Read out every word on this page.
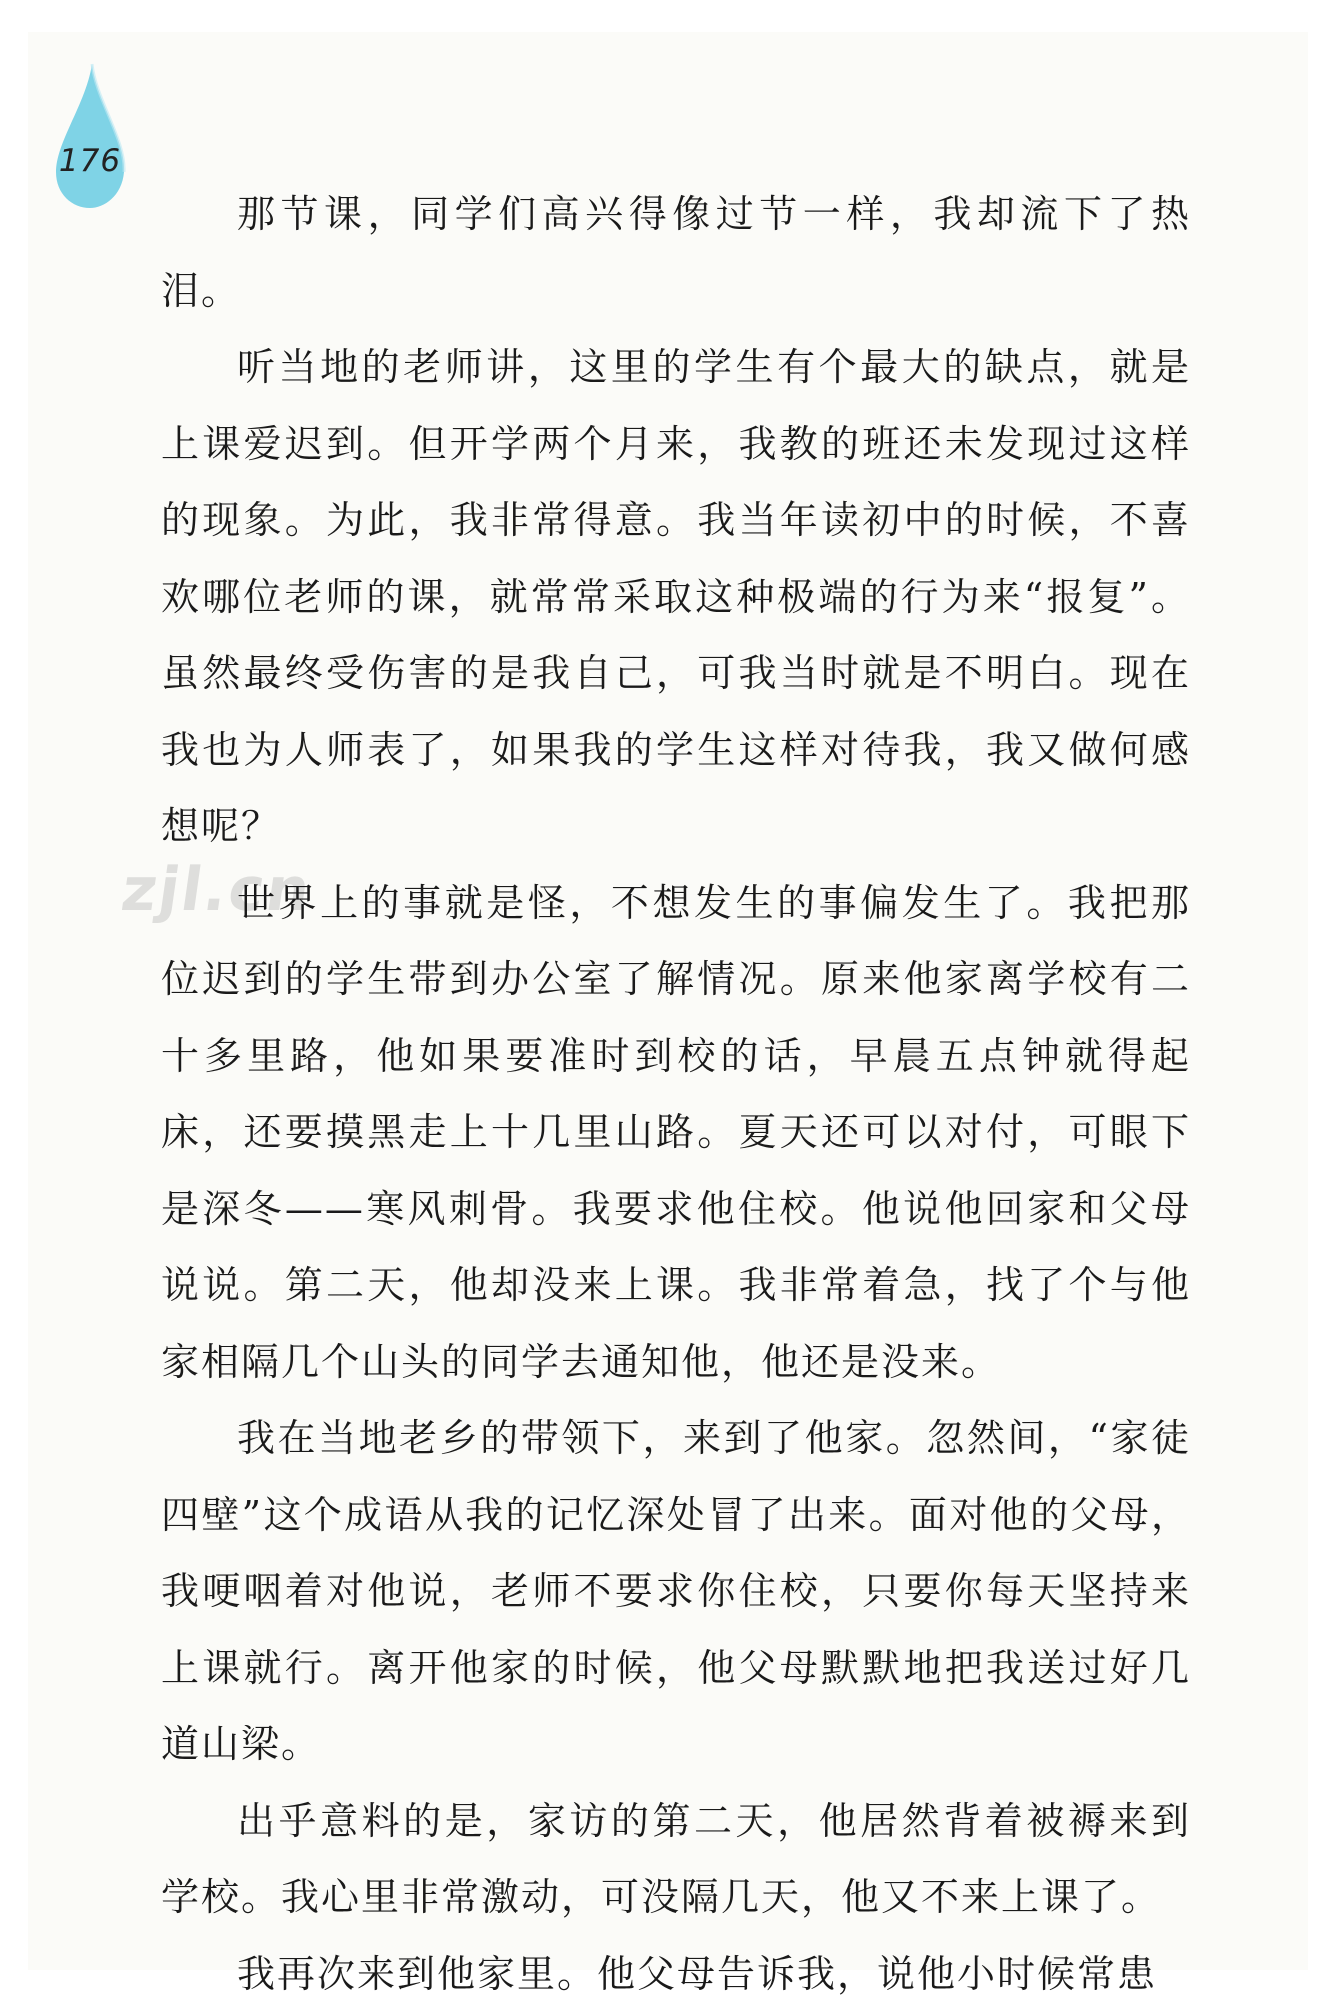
176
zjl.cn

那节课，同学们高兴得像过节一样，我却流下了热泪。

听当地的老师讲，这里的学生有个最大的缺点，就是上课爱迟到。但开学两个月来，我教的班还未发现过这样的现象。为此，我非常得意。我当年读初中的时候，不喜欢哪位老师的课，就常常采取这种极端的行为来“报复”。虽然最终受伤害的是我自己，可我当时就是不明白。现在我也为人师表了，如果我的学生这样对待我，我又做何感想呢？

世界上的事就是怪，不想发生的事偏发生了。我把那位迟到的学生带到办公室了解情况。原来他家离学校有二十多里路，他如果要准时到校的话，早晨五点钟就得起床，还要摸黑走上十几里山路。夏天还可以对付，可眼下是深冬——寒风刺骨。我要求他住校。他说他回家和父母说说。第二天，他却没来上课。我非常着急，找了个与他家相隔几个山头的同学去通知他，他还是没来。

我在当地老乡的带领下，来到了他家。忽然间，“家徒四壁”这个成语从我的记忆深处冒了出来。面对他的父母，我哽咽着对他说，老师不要求你住校，只要你每天坚持来上课就行。离开他家的时候，他父母默默地把我送过好几道山梁。

出乎意料的是，家访的第二天，他居然背着被褥来到学校。我心里非常激动，可没隔几天，他又不来上课了。

我再次来到他家里。他父母告诉我，说他小时候常患
